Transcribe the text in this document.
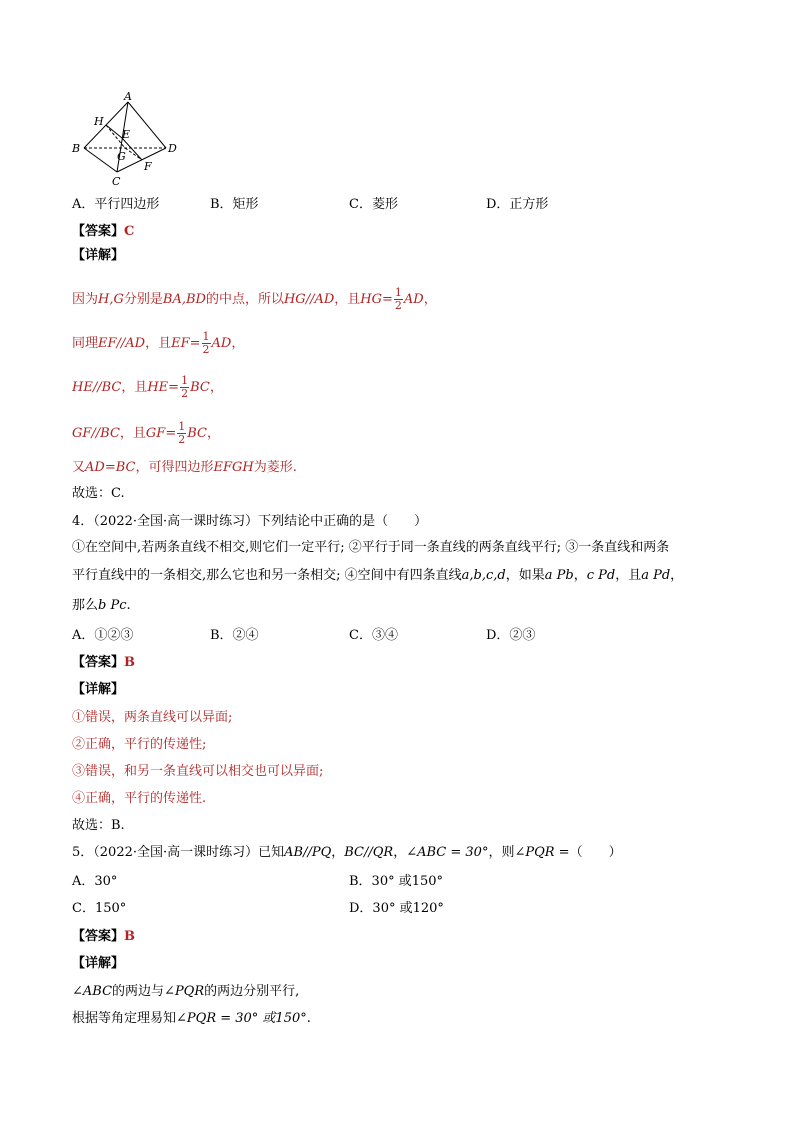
A
H
E
B
G
D
C
F
A．平行四边形	B．矩形	C．菱形	D．正方形
【答案】C
【详解】
因为H,G分别是BA,BD的中点，所以HG//AD，且$HG= \frac{1}{2}$ AD，
同理EF//AD，且$EF= \frac{1}{2}$ AD，
HE//BC，且$HE= \frac{1}{2}$ BC，
GF//BC，且$GF= \frac{1}{2}$ BC，
又AD=BC，可得四边形EFGH为菱形.
故选：C.
4．（2022·全国·高一课时练习）下列结论中正确的是（　　）
①在空间中,若两条直线不相交,则它们一定平行; ②平行于同一条直线的两条直线平行; ③一条直线和两条
平行直线中的一条相交,那么它也和另一条相交; ④空间中有四条直线a,b,c,d，如果a Pb，c Pd，且a Pd，
那么b Pc.
A．①②③	B．②④	C．③④	D．②③
【答案】B
【详解】
①错误，两条直线可以异面;
②正确，平行的传递性;
③错误，和另一条直线可以相交也可以异面;
④正确，平行的传递性.
故选：B.
5．（2022·全国·高一课时练习）已知AB//PQ，BC//QR，∠ABC = 30°，则∠PQR =（　　）
A．30°	B．30° 或150°
C．150°	D．30° 或120°
【答案】B
【详解】
∠ABC的两边与∠PQR的两边分别平行,
根据等角定理易知∠PQR = 30° 或150°.
